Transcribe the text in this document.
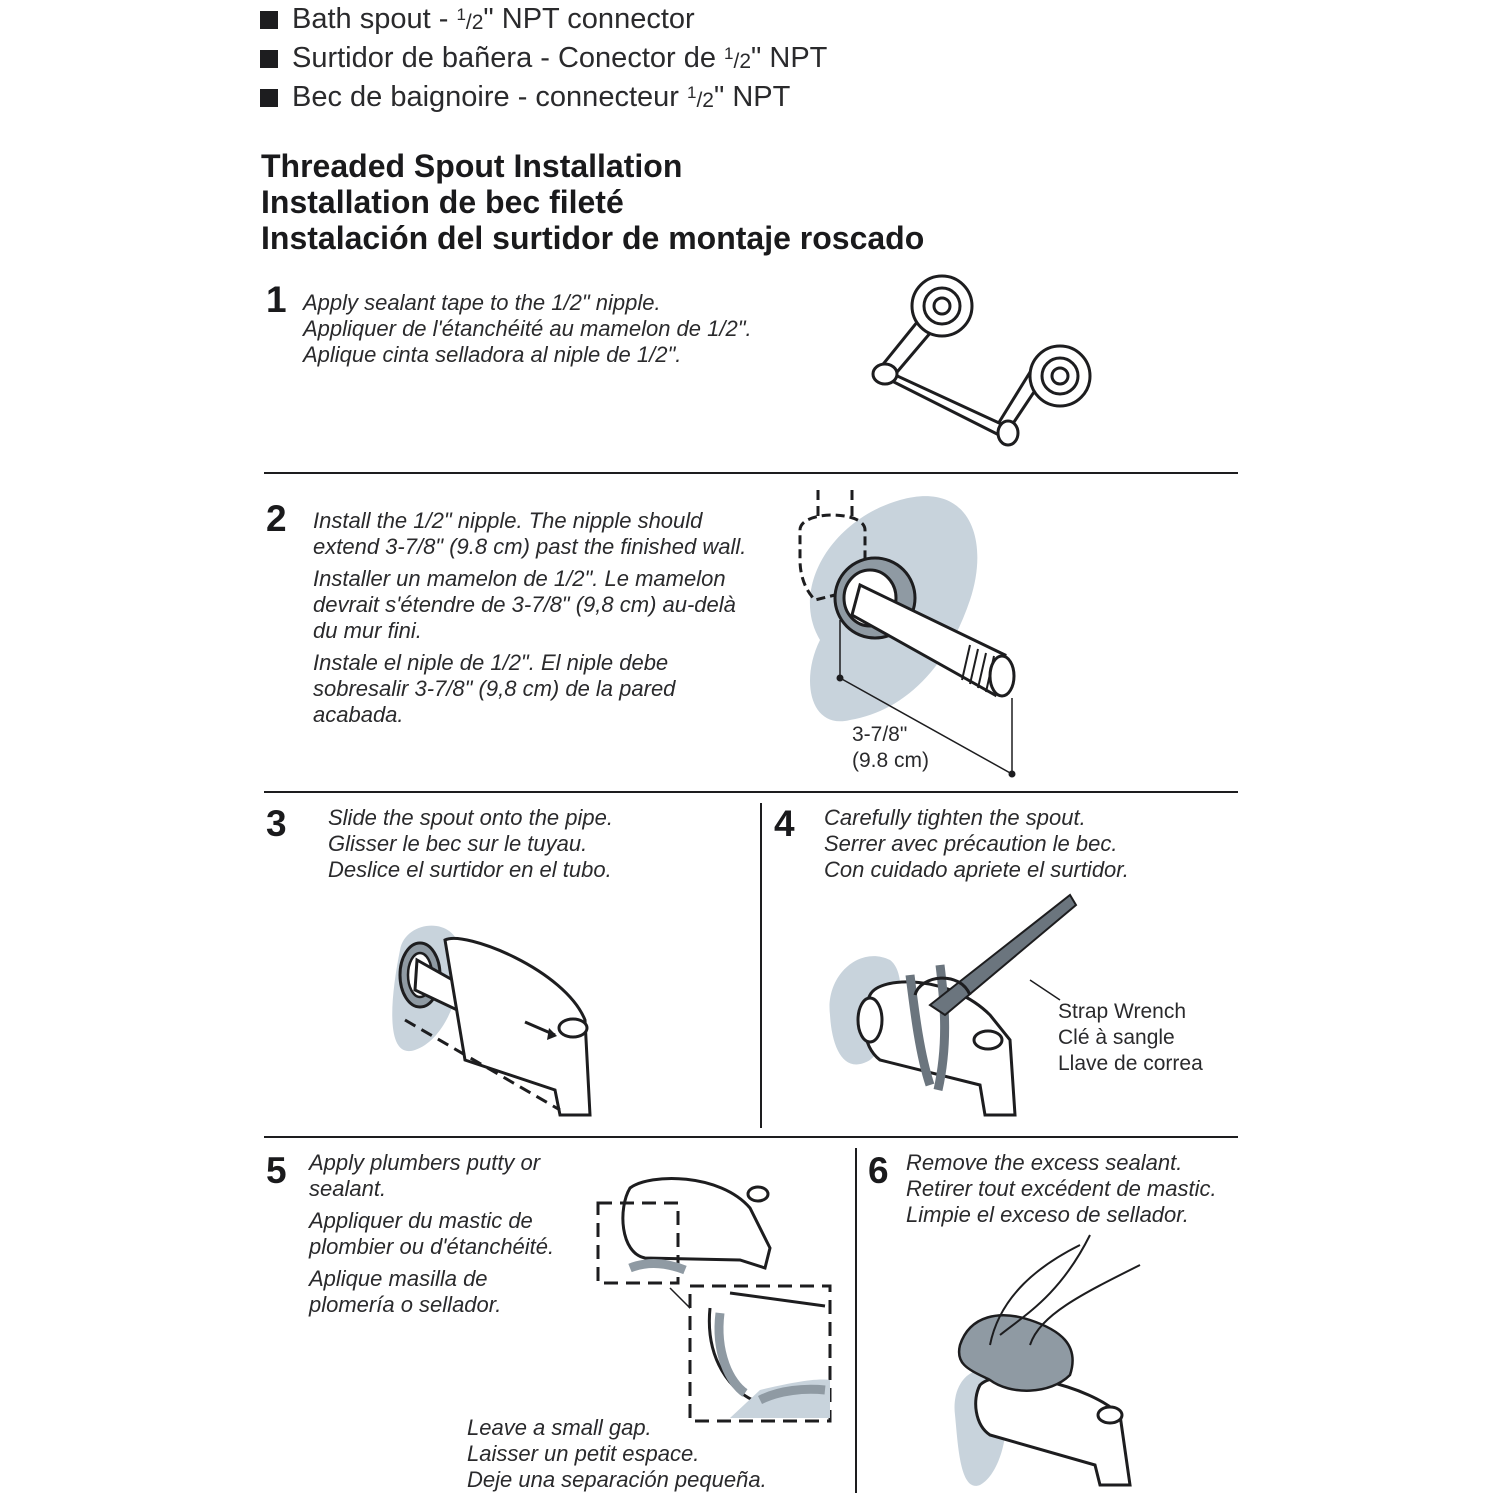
Bath spout -
$^1$/2 " NPT connector
Surtidor de bañera - Conector de
$^1$/2 " NPT
Bec de baignoire - connecteur
$^1$/2 " NPT
Threaded Spout Installation
Installation de bec fileté
Instalación del surtidor de montaje roscado
1 Apply sealant tape to the 1/2" nipple.
Appliquer de l'étanchéité au mamelon de 1/2".
Aplique cinta selladora al niple de 1/2".
2 Install the 1/2" nipple. The nipple should
extend 3-7/8" (9.8 cm) past the finished wall.
Installer un mamelon de 1/2". Le mamelon
devrait s'étendre de 3-7/8" (9,8 cm) au-delà
du mur fini.
Instale el niple de 1/2". El niple debe
sobresalir 3-7/8" (9,8 cm) de la pared
acabada.
3-7/8"
(9.8 cm)
3 Slide the spout onto the pipe.
Glisser le bec sur le tuyau.
Deslice el surtidor en el tubo.
4 Carefully tighten the spout.
Serrer avec précaution le bec.
Con cuidado apriete el surtidor.
Strap Wrench
Clé à sangle
Llave de correa
5 Apply plumbers putty or
sealant.
Appliquer du mastic de
plombier ou d'étanchéité.
Aplique masilla de
plomería o sellador.
Leave a small gap.
Laisser un petit espace.
Deje una separación pequeña.
6 Remove the excess sealant.
Retirer tout excédent de mastic.
Limpie el exceso de sellador.
